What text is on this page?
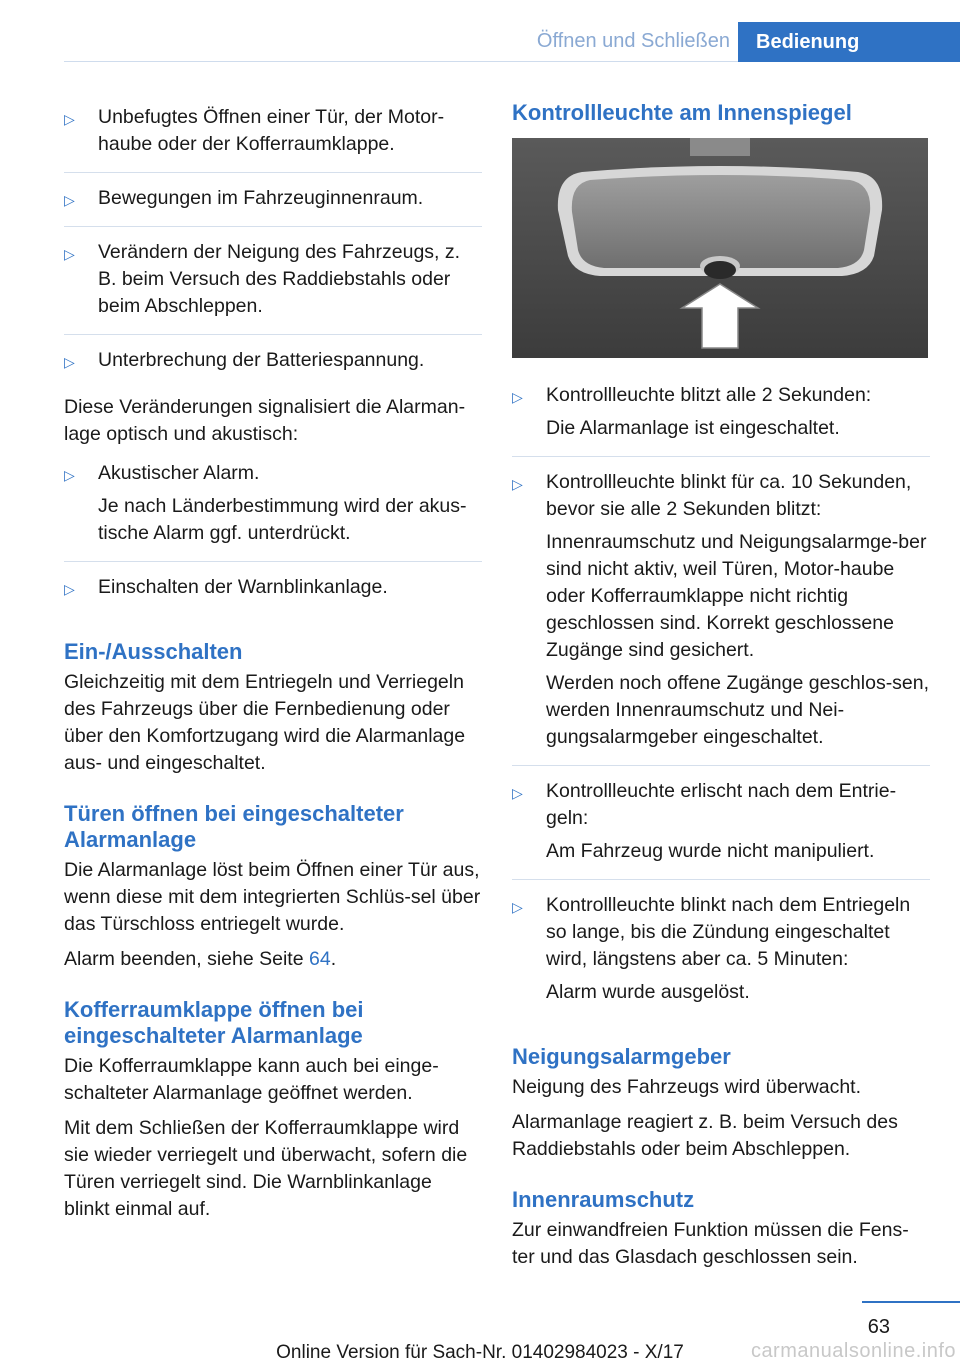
Öffnen und Schließen	Bedienung
▷	Unbefugtes Öffnen einer Tür, der Motor-haube oder der Kofferraumklappe.

▷	Bewegungen im Fahrzeuginnenraum.

▷	Verändern der Neigung des Fahrzeugs, z. B. beim Versuch des Raddiebstahls oder beim Abschleppen.

▷	Unterbrechung der Batteriespannung.

Diese Veränderungen signalisiert die Alarman-lage optisch und akustisch:

▷	Akustischer Alarm.

Je nach Länderbestimmung wird der akus-tische Alarm ggf. unterdrückt.

▷	Einschalten der Warnblinkanlage.

Ein-/Ausschalten

Gleichzeitig mit dem Entriegeln und Verriegeln des Fahrzeugs über die Fernbedienung oder über den Komfortzugang wird die Alarmanlage aus- und eingeschaltet.

Türen öffnen bei eingeschalteter Alarmanlage

Die Alarmanlage löst beim Öffnen einer Tür aus, wenn diese mit dem integrierten Schlüs-sel über das Türschloss entriegelt wurde.

Alarm beenden, siehe Seite 64.

Kofferraumklappe öffnen bei eingeschalteter Alarmanlage

Die Kofferraumklappe kann auch bei einge-schalteter Alarmanlage geöffnet werden.

Mit dem Schließen der Kofferraumklappe wird sie wieder verriegelt und überwacht, sofern die Türen verriegelt sind. Die Warnblinkanlage blinkt einmal auf.

Kontrollleuchte am Innenspiegel
▷	Kontrollleuchte blitzt alle 2 Sekunden:

Die Alarmanlage ist eingeschaltet.

▷	Kontrollleuchte blinkt für ca. 10 Sekunden, bevor sie alle 2 Sekunden blitzt:

Innenraumschutz und Neigungsalarmge-ber sind nicht aktiv, weil Türen, Motor-haube oder Kofferraumklappe nicht richtig geschlossen sind. Korrekt geschlossene Zugänge sind gesichert.

Werden noch offene Zugänge geschlos-sen, werden Innenraumschutz und Nei-gungsalarmgeber eingeschaltet.

▷	Kontrollleuchte erlischt nach dem Entrie-geln:

Am Fahrzeug wurde nicht manipuliert.

▷	Kontrollleuchte blinkt nach dem Entriegeln so lange, bis die Zündung eingeschaltet wird, längstens aber ca. 5 Minuten:

Alarm wurde ausgelöst.

Neigungsalarmgeber

Neigung des Fahrzeugs wird überwacht.

Alarmanlage reagiert z. B. beim Versuch des Raddiebstahls oder beim Abschleppen.

Innenraumschutz

Zur einwandfreien Funktion müssen die Fens-ter und das Glasdach geschlossen sein.

63
Online Version für Sach-Nr. 01402984023 - X/17	carmanualsonline.info
